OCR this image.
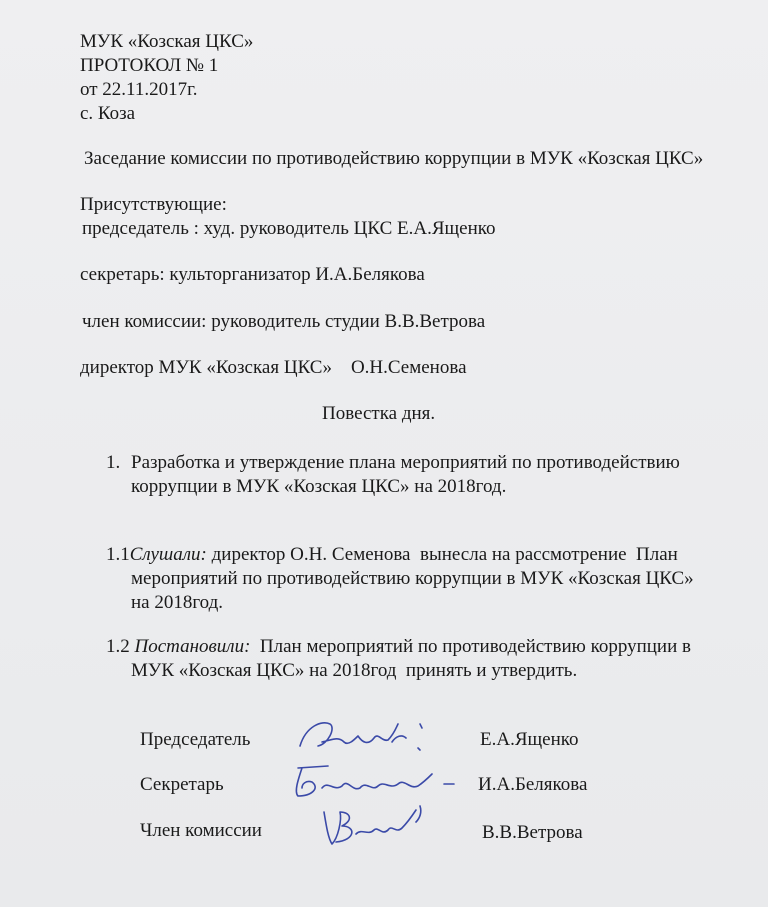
МУК «Козская ЦКС»
ПРОТОКОЛ № 1
от 22.11.2017г.
с. Коза
Заседание комиссии по противодействию коррупции в МУК «Козская ЦКС»
Присутствующие:
председатель : худ. руководитель ЦКС Е.А.Ященко
секретарь: культорганизатор И.А.Белякова
член комиссии: руководитель студии В.В.Ветрова
директор МУК «Козская ЦКС»    О.Н.Семенова
Повестка дня.
1. Разработка и утверждение плана мероприятий по противодействию
коррупции в МУК «Козская ЦКС» на 2018год.
1.1Слушали: директор О.Н. Семенова  вынесла на рассмотрение  План
мероприятий по противодействию коррупции в МУК «Козская ЦКС»
на 2018год.
1.2 Постановили:  План мероприятий по противодействию коррупции в
МУК «Козская ЦКС» на 2018год  принять и утвердить.
Председатель	Е.А.Ященко
Секретарь	И.А.Белякова
Член комиссии	В.В.Ветрова
